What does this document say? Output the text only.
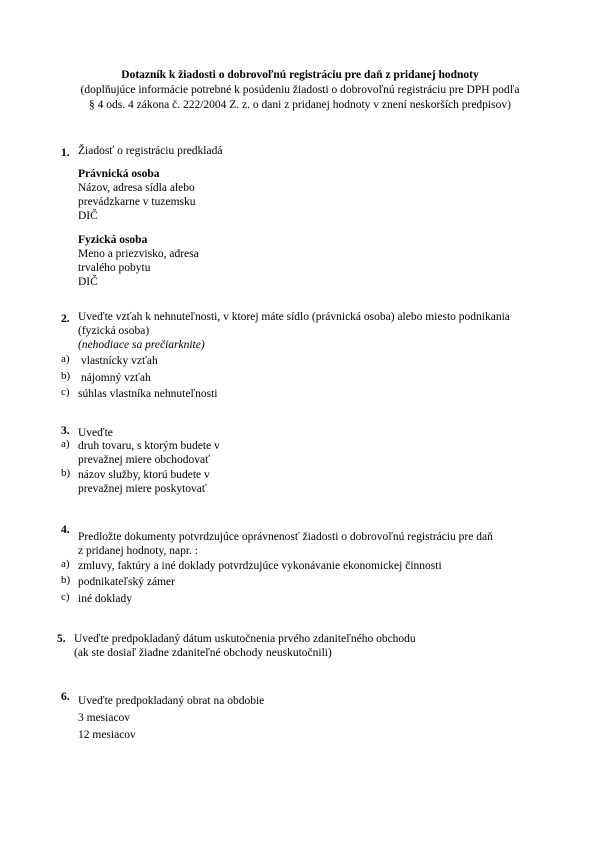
Dotazník k žiadosti o dobrovoľnú registráciu pre daň z pridanej hodnoty
(doplňujúce informácie potrebné k posúdeniu žiadosti o dobrovoľnú registráciu pre DPH podľa
§ 4 ods. 4 zákona č. 222/2004 Z. z. o dani z pridanej hodnoty v znení neskorších predpisov)
1. Žiadosť o registráciu predkladá
Právnická osoba
Názov, adresa sídla alebo
prevádzkarne v tuzemsku
DIČ
Fyzická osoba
Meno a priezvisko, adresa
trvalého pobytu
DIČ
2. Uveďte vzťah k nehnuteľnosti, v ktorej máte sídlo (právnická osoba) alebo miesto podnikania
(fyzická osoba)
(nehodiace sa prečiarknite)
a) vlastnícky vzťah
b) nájomný vzťah
c) súhlas vlastníka nehnuteľnosti
3. Uveďte
a) druh tovaru, s ktorým budete v
prevažnej miere obchodovať
b) názov služby, ktorú budete v
prevažnej miere poskytovať
4.
Predložte dokumenty potvrdzujúce oprávnenosť žiadosti o dobrovoľnú registráciu pre daň
z pridanej hodnoty, napr. :
a) zmluvy, faktúry a iné doklady potvrdzujúce vykonávanie ekonomickej činnosti
b) podnikateľský zámer
c) iné doklady
5. Uveďte predpokladaný dátum uskutočnenia prvého zdaniteľného obchodu
(ak ste dosiaľ žiadne zdaniteľné obchody neuskutočnili)
6. Uveďte predpokladaný obrat na obdobie
3 mesiacov
12 mesiacov
